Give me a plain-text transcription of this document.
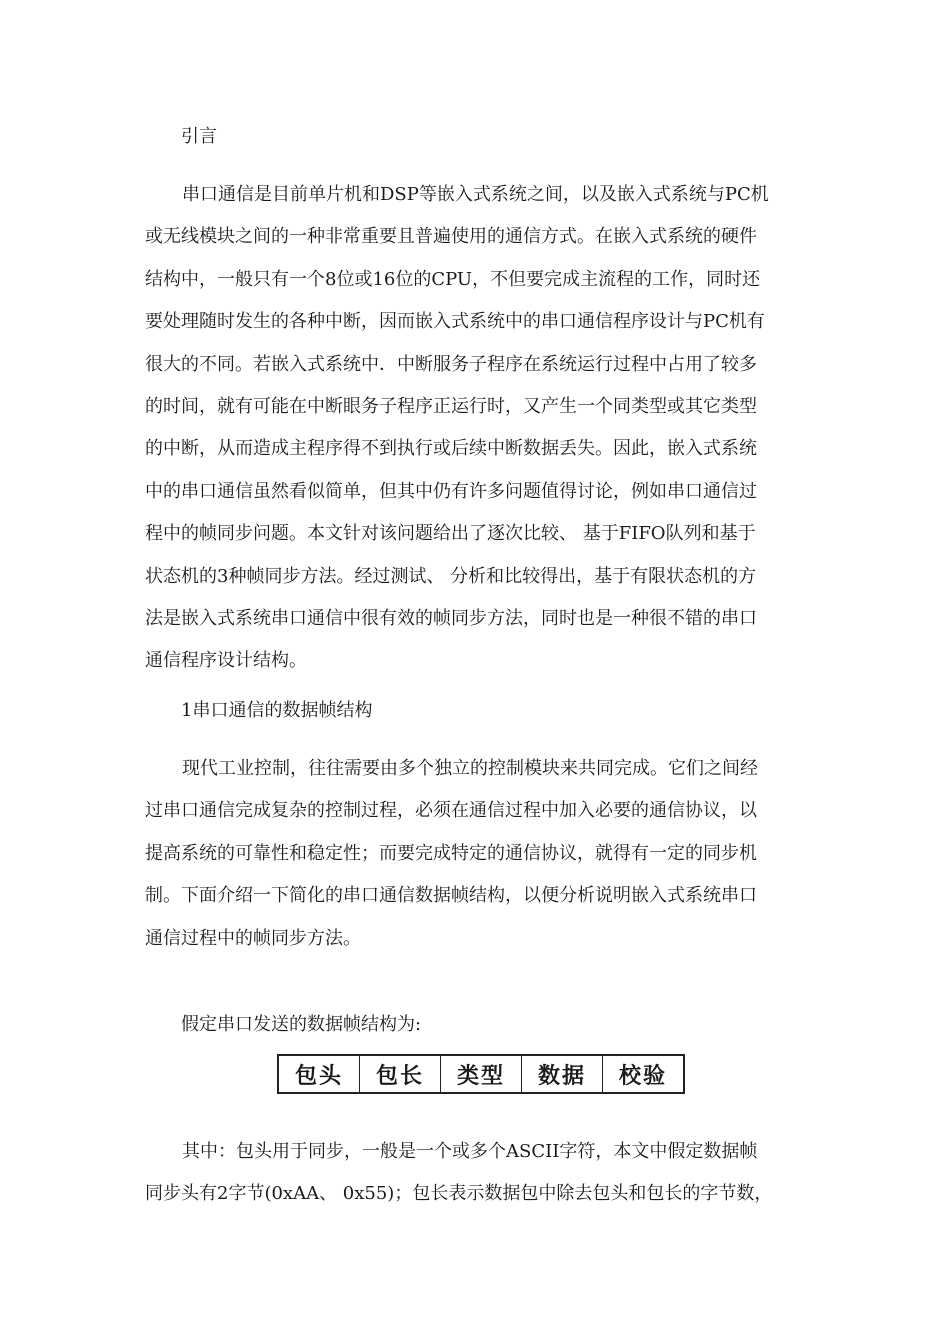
引言

串口通信是目前单片机和DSP等嵌入式系统之间，以及嵌入式系统与PC机
或无线模块之间的一种非常重要且普遍使用的通信方式。在嵌入式系统的硬件
结构中，一般只有一个8位或16位的CPU，不但要完成主流程的工作，同时还
要处理随时发生的各种中断，因而嵌入式系统中的串口通信程序设计与PC机有
很大的不同。若嵌入式系统中．中断服务子程序在系统运行过程中占用了较多
的时间，就有可能在中断眼务子程序正运行时，又产生一个同类型或其它类型
的中断，从而造成主程序得不到执行或后续中断数据丢失。因此，嵌入式系统
中的串口通信虽然看似简单，但其中仍有许多问题值得讨论，例如串口通信过
程中的帧同步问题。本文针对该问题给出了逐次比较、 基于FIFO队列和基于
状态机的3种帧同步方法。经过测试、 分析和比较得出，基于有限状态机的方
法是嵌入式系统串口通信中很有效的帧同步方法，同时也是一种很不错的串口
通信程序设计结构。

1串口通信的数据帧结构

现代工业控制，往往需要由多个独立的控制模块来共同完成。它们之间经
过串口通信完成复杂的控制过程，必须在通信过程中加入必要的通信协议，以
提高系统的可靠性和稳定性；而要完成特定的通信协议，就得有一定的同步机
制。下面介绍一下简化的串口通信数据帧结构，以便分析说明嵌入式系统串口
通信过程中的帧同步方法。

假定串口发送的数据帧结构为:

包头	包长	类型	数据	校验
其中：包头用于同步，一般是一个或多个ASCII字符，本文中假定数据帧
同步头有2字节(0xAA、 0x55)；包长表示数据包中除去包头和包长的字节数，
